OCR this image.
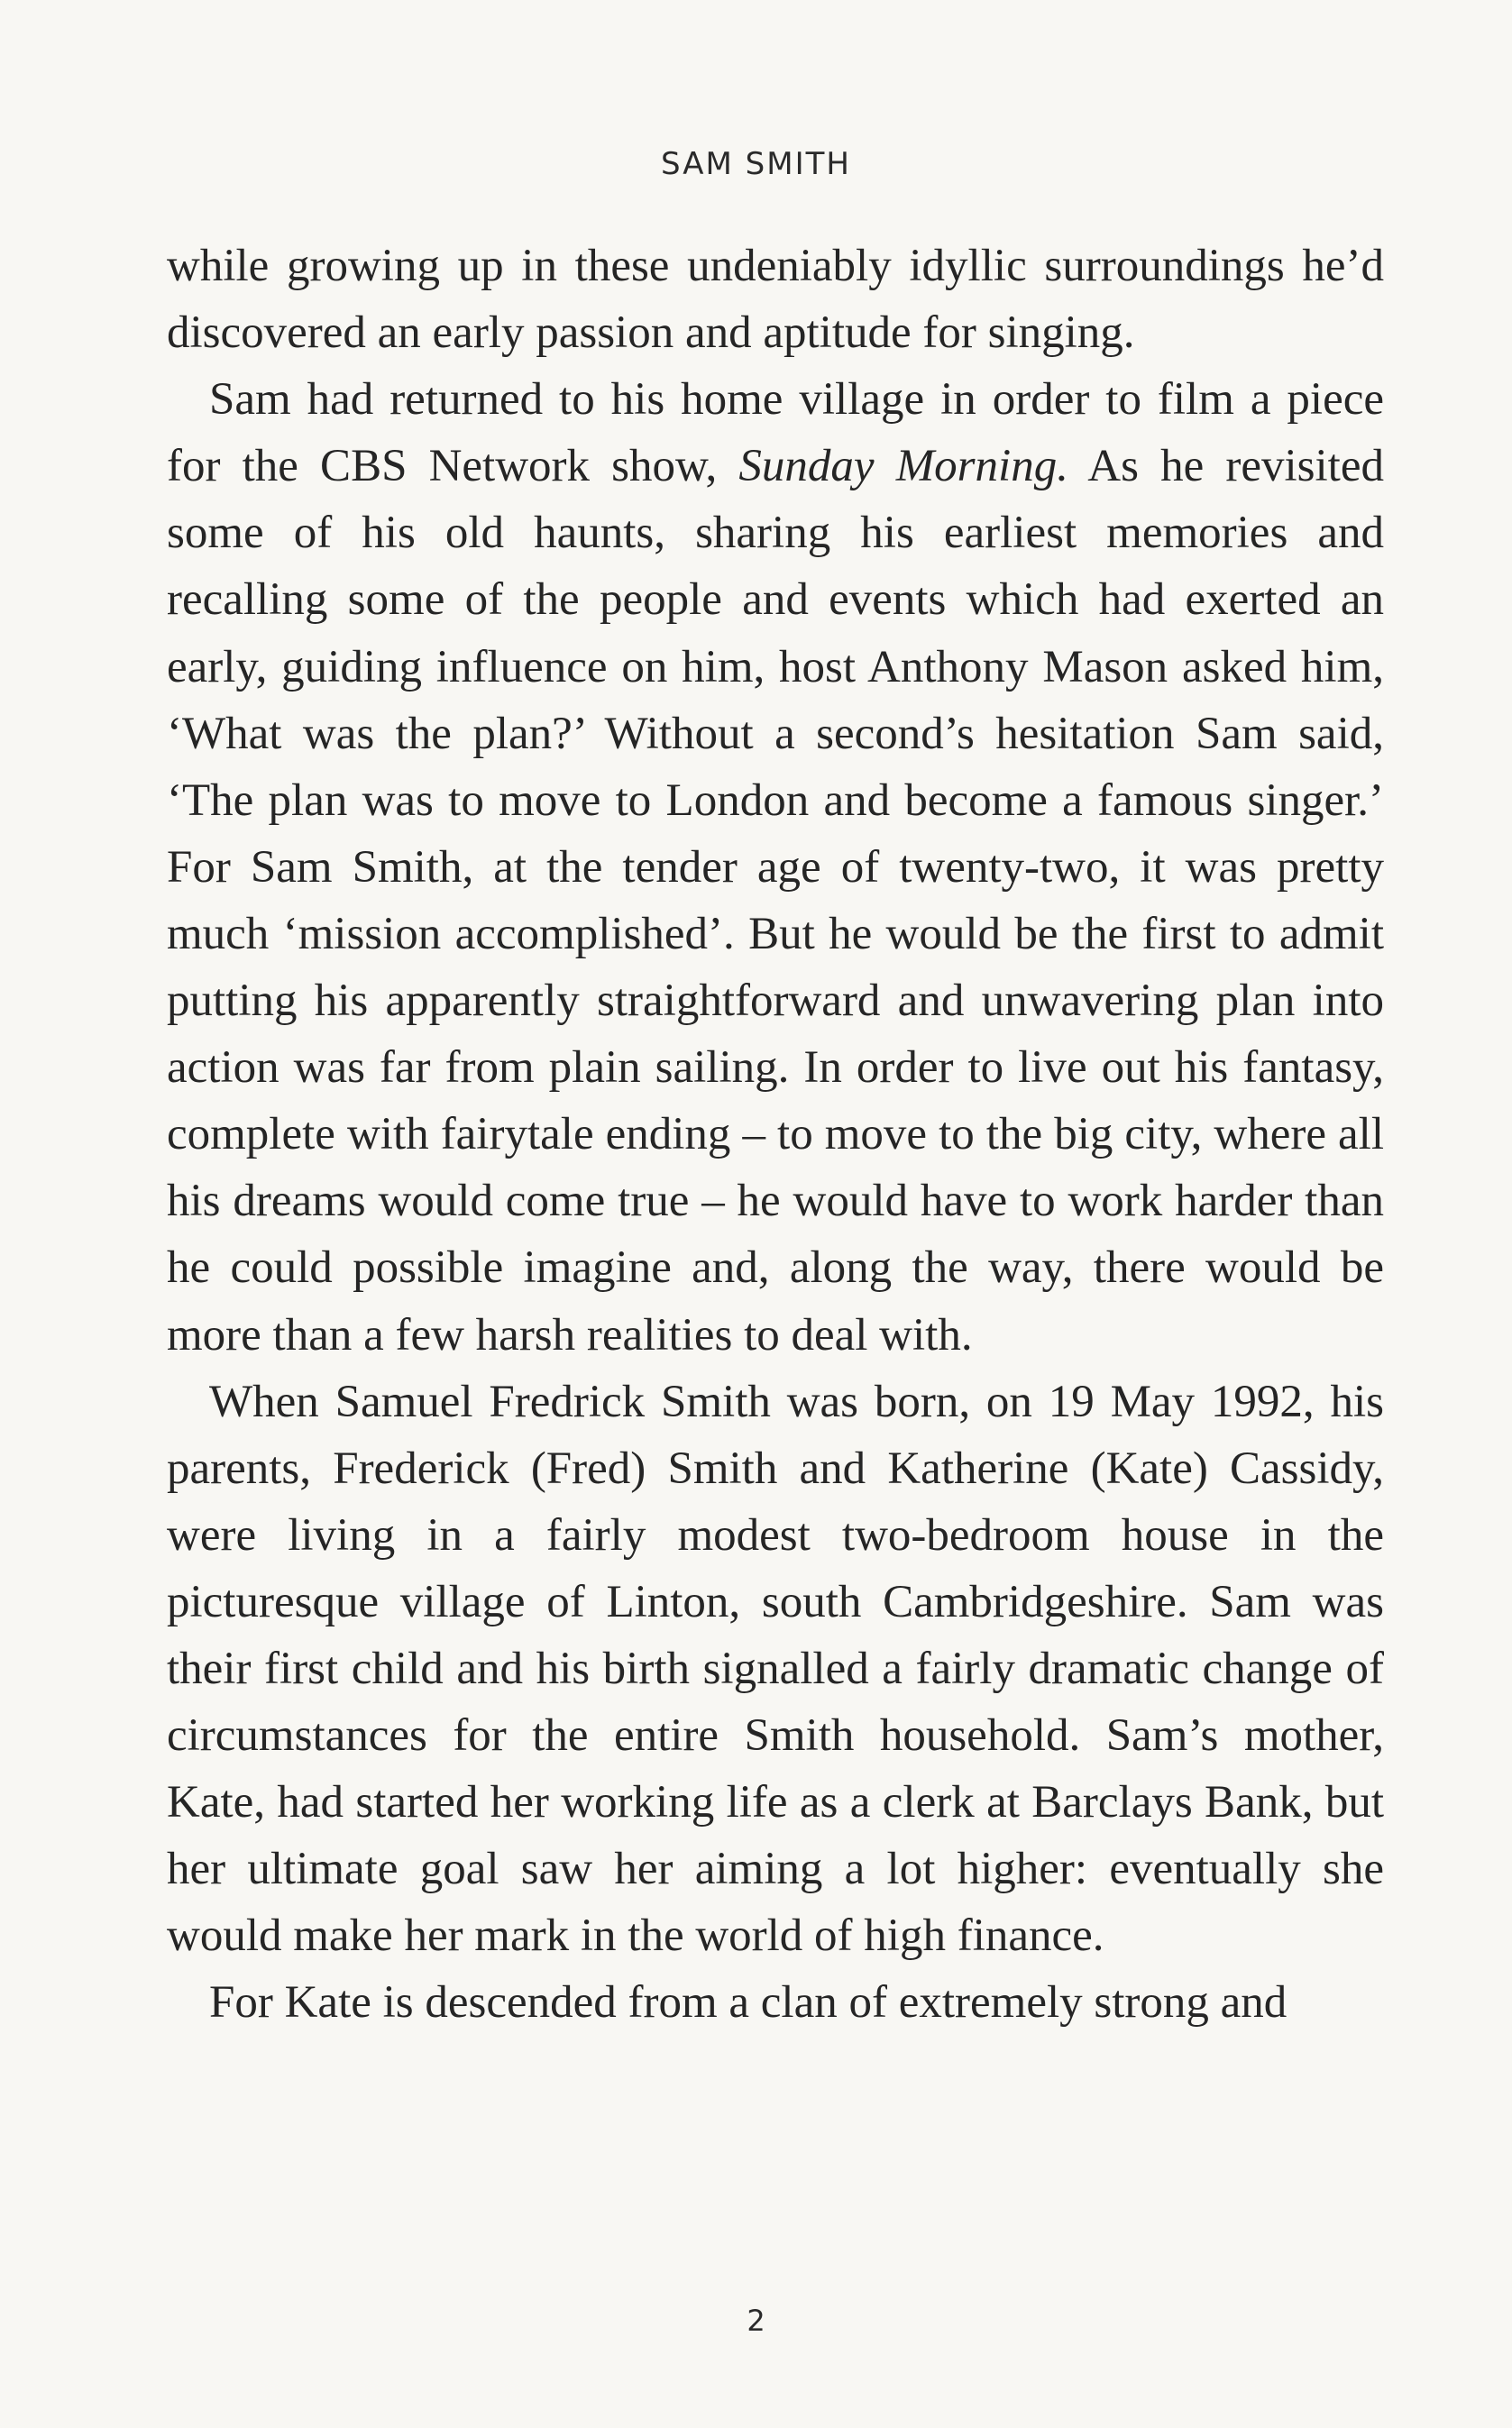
SAM SMITH

while growing up in these undeniably idyllic surroundings he’d discovered an early passion and aptitude for singing.

Sam had returned to his home village in order to film a piece for the CBS Network show, Sunday Morning. As he revisited some of his old haunts, sharing his earliest memories and recalling some of the people and events which had exerted an early, guiding influence on him, host Anthony Mason asked him, ‘What was the plan?’ Without a second’s hesitation Sam said, ‘The plan was to move to London and become a famous singer.’ For Sam Smith, at the tender age of twenty-two, it was pretty much ‘mission accomplished’. But he would be the first to admit putting his apparently straightforward and unwavering plan into action was far from plain sailing. In order to live out his fantasy, complete with fairytale ending – to move to the big city, where all his dreams would come true – he would have to work harder than he could possible imagine and, along the way, there would be more than a few harsh realities to deal with.

When Samuel Fredrick Smith was born, on 19 May 1992, his parents, Frederick (Fred) Smith and Katherine (Kate) Cassidy, were living in a fairly modest two-bedroom house in the picturesque village of Linton, south Cambridgeshire. Sam was their first child and his birth signalled a fairly dramatic change of circumstances for the entire Smith household. Sam’s mother, Kate, had started her working life as a clerk at Barclays Bank, but her ultimate goal saw her aiming a lot higher: eventually she would make her mark in the world of high finance.

For Kate is descended from a clan of extremely strong and

2
